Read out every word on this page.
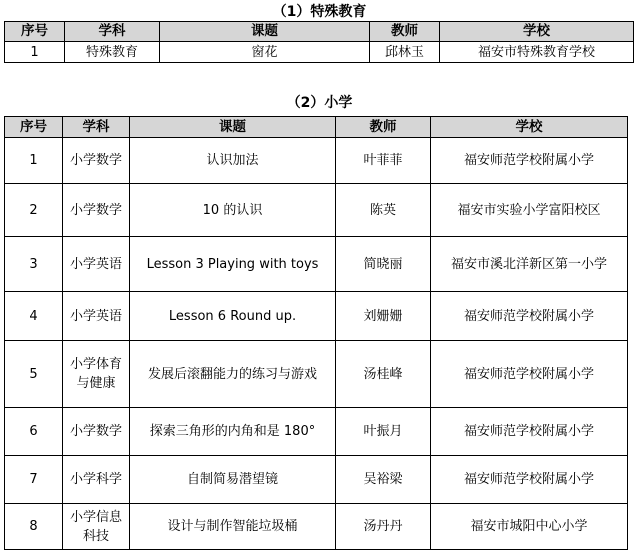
（1）特殊教育
序号	学科	课题	教师	学校
1	特殊教育	窗花	邱林玉	福安市特殊教育学校
（2）小学
序号	学科	课题	教师	学校
1	小学数学	认识加法	叶菲菲	福安师范学校附属小学
2	小学数学	10 的认识	陈英	福安市实验小学富阳校区
3	小学英语	Lesson 3 Playing with toys	简晓丽	福安市溪北洋新区第一小学
4	小学英语	Lesson 6 Round up.	刘姗姗	福安师范学校附属小学
5	小学体育与健康	发展后滚翻能力的练习与游戏	汤桂峰	福安师范学校附属小学
6	小学数学	探索三角形的内角和是 180°	叶振月	福安师范学校附属小学
7	小学科学	自制简易潜望镜	吴裕梁	福安师范学校附属小学
8	小学信息科技	设计与制作智能垃圾桶	汤丹丹	福安市城阳中心小学
